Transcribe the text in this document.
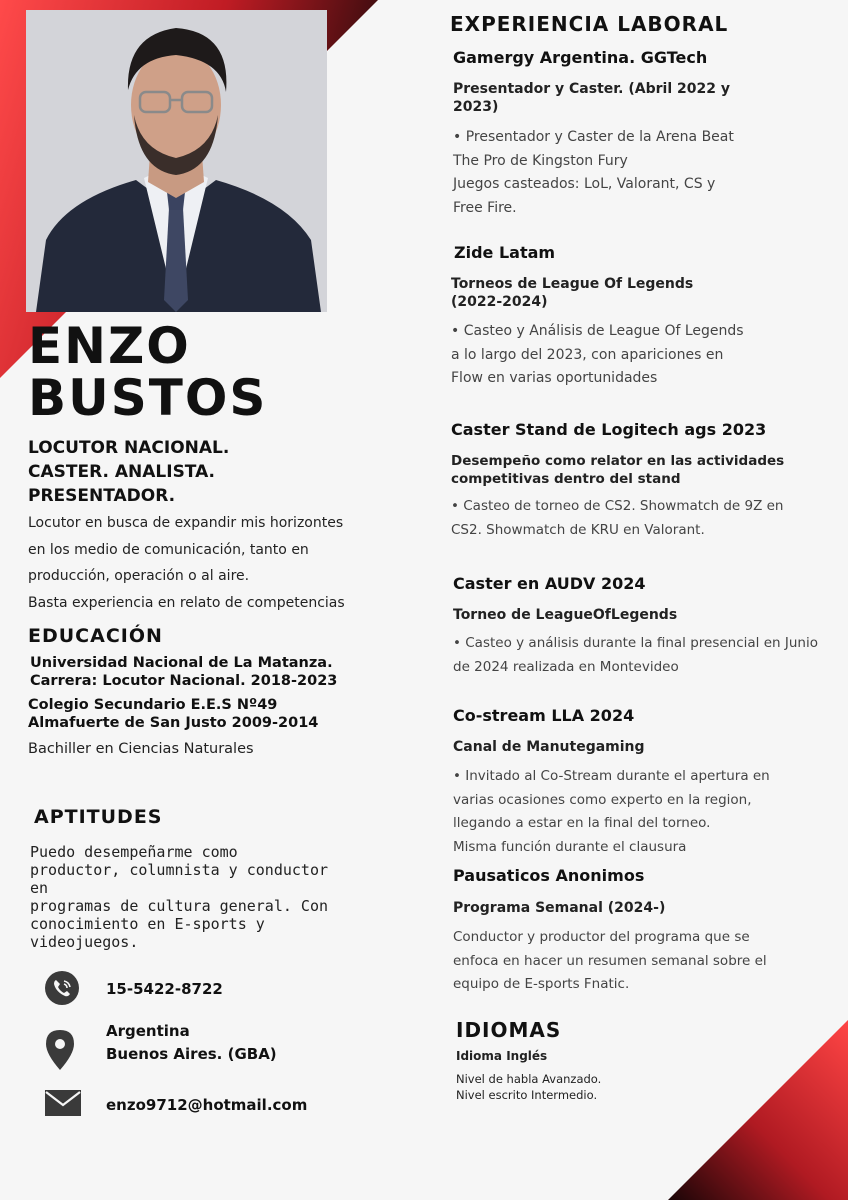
ENZO
BUSTOS
LOCUTOR NACIONAL.
CASTER. ANALISTA.
PRESENTADOR.
Locutor en busca de expandir mis horizontes
en los medio de comunicación, tanto en
producción, operación o al aire.
Basta experiencia en relato de competencias
EDUCACIÓN
Universidad Nacional de La Matanza.
Carrera: Locutor Nacional. 2018-2023
Colegio Secundario E.E.S Nº49
Almafuerte de San Justo 2009-2014
Bachiller en Ciencias Naturales
APTITUDES
Puedo desempeñarme como
productor, columnista y conductor en
programas de cultura general. Con
conocimiento en E-sports y
videojuegos.
15-5422-8722
Argentina
Buenos Aires. (GBA)
enzo9712@hotmail.com
EXPERIENCIA LABORAL
Gamergy Argentina. GGTech
Presentador y Caster. (Abril 2022 y
2023)
• Presentador y Caster de la Arena Beat
The Pro de Kingston Fury
Juegos casteados: LoL, Valorant, CS y
Free Fire.
Zide Latam
Torneos de League Of Legends
(2022-2024)
• Casteo y Análisis de League Of Legends
a lo largo del 2023, con apariciones en
Flow en varias oportunidades
Caster Stand de Logitech ags 2023
Desempeño como relator en las actividades
competitivas dentro del stand
• Casteo de torneo de CS2. Showmatch de 9Z en
CS2. Showmatch de KRU en Valorant.
Caster en AUDV 2024
Torneo de LeagueOfLegends
• Casteo y análisis durante la final presencial en Junio
de 2024 realizada en Montevideo
Co-stream LLA 2024
Canal de Manutegaming
• Invitado al Co-Stream durante el apertura en
varias ocasiones como experto en la region,
llegando a estar en la final del torneo.
Misma función durante el clausura
Pausaticos Anonimos
Programa Semanal (2024-)
Conductor y productor del programa que se
enfoca en hacer un resumen semanal sobre el
equipo de E-sports Fnatic.
IDIOMAS
Idioma Inglés
Nivel de habla Avanzado.
Nivel escrito Intermedio.
